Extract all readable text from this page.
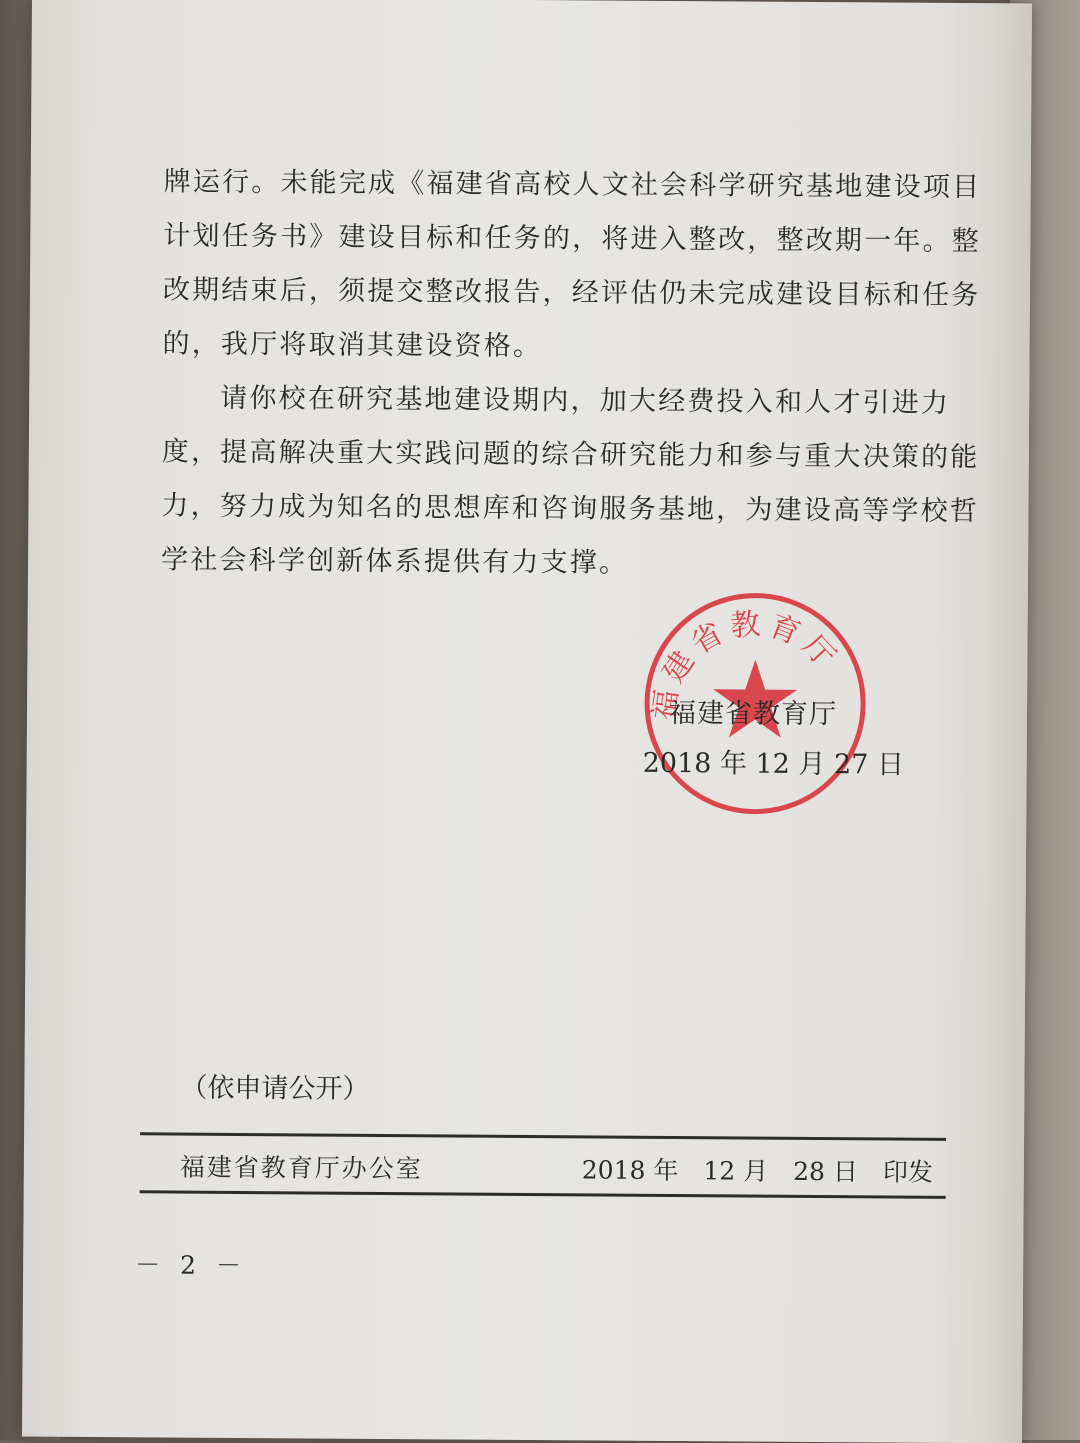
牌运行。未能完成《福建省高校人文社会科学研究基地建设项目
计划任务书》建设目标和任务的，将进入整改，整改期一年。整
改期结束后，须提交整改报告，经评估仍未完成建设目标和任务
的，我厅将取消其建设资格。
请你校在研究基地建设期内，加大经费投入和人才引进力
度，提高解决重大实践问题的综合研究能力和参与重大决策的能
力，努力成为知名的思想库和咨询服务基地，为建设高等学校哲
学社会科学创新体系提供有力支撑。
福建省教育厅
福建省教育厅
2018 年 12 月 27 日
（依申请公开）
福建省教育厅办公室	2018 年　12 月　28 日　印发
－ 2 －
